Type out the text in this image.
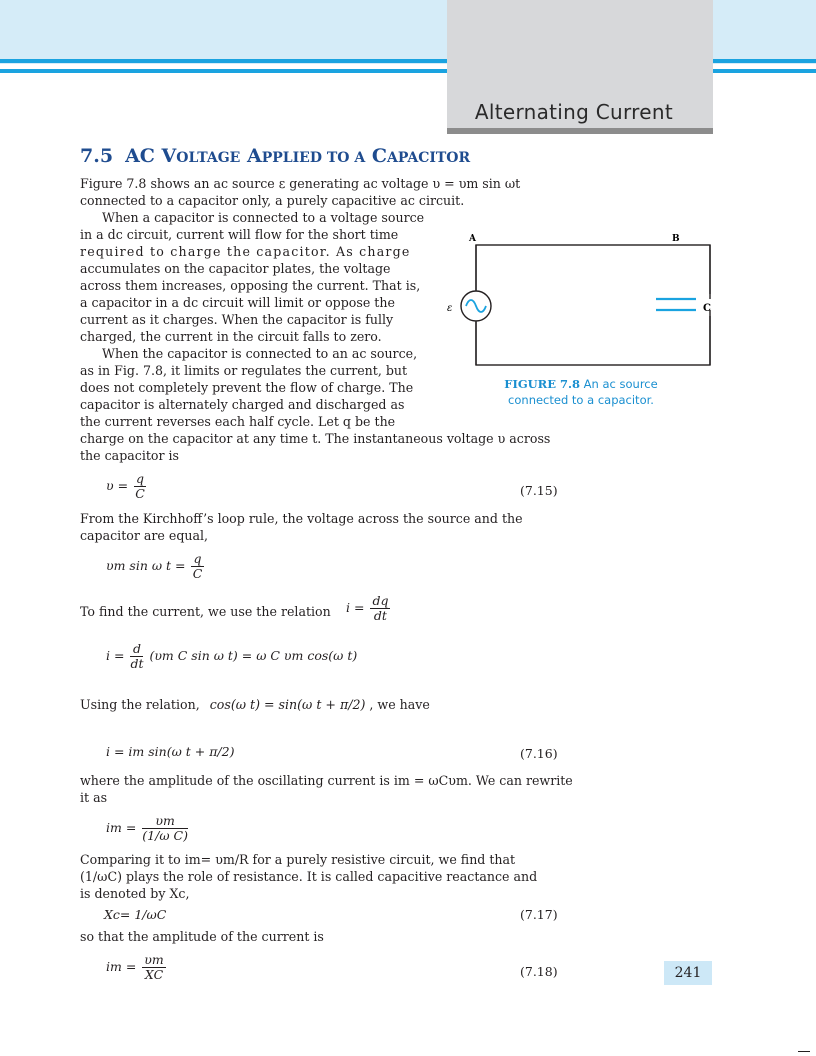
Alternating Current
7.5 AC VOLTAGE APPLIED TO A CAPACITOR
Figure 7.8 shows an ac source ε generating ac voltage υ = υm sin ωt
connected to a capacitor only, a purely capacitive ac circuit.
When a capacitor is connected to a voltage source
in a dc circuit, current will flow for the short time
required to charge the capacitor. As charge
accumulates on the capacitor plates, the voltage
across them increases, opposing the current. That is,
a capacitor in a dc circuit will limit or oppose the
current as it charges. When the capacitor is fully
charged, the current in the circuit falls to zero.
When the capacitor is connected to an ac source,
as in Fig. 7.8, it limits or regulates the current, but
does not completely prevent the flow of charge. The
capacitor is alternately charged and discharged as
the current reverses each half cycle. Let q be the
charge on the capacitor at any time t. The instantaneous voltage υ across
the capacitor is
A	B
C
ε
FIGURE 7.8 An ac source
connected to a capacitor.
$\upsilon = \frac{q}{C}$	(7.15)
From the Kirchhoff’s loop rule, the voltage across the source and the
capacitor are equal,
υm sin ω $t = \frac{q}{C}$
To find the current, we use the relation	$i = \frac{dq}{dt}$
$i = \frac{d}{dt} (\upsilon m$ C sin ω t) = ω C υm cos(ω t)
Using the relation, cos(ω t) = sin(ω t + π/2) , we have
i = im sin(ω t + π/2)	(7.16)
where the amplitude of the oscillating current is im = ωCυm. We can rewrite
it as
im = $\frac{\upsilon m}{\text{(1/ω C)}}$
Comparing it to im= υm/R for a purely resistive circuit, we find that
(1/ωC) plays the role of resistance. It is called capacitive reactance and
is denoted by Xc,
Xc= 1/ωC	(7.17)
so that the amplitude of the current is
im = $\frac{\upsilon m}{XC}$	(7.18)	241
